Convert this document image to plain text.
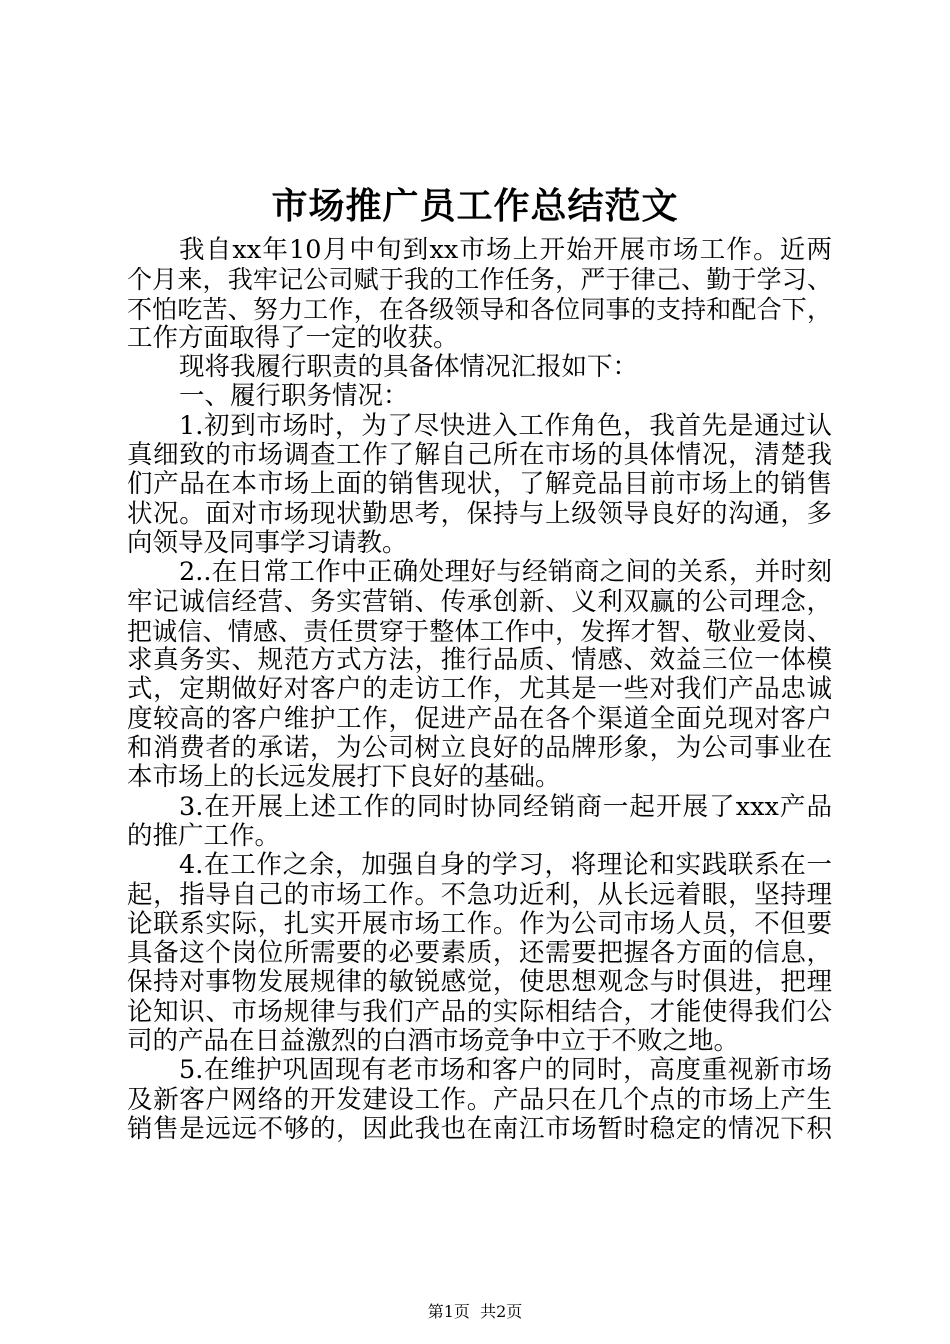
市场推广员工作总结范文
我自xx年10月中旬到xx市场上开始开展市场工作。近两
个月来，我牢记公司赋于我的工作任务，严于律己、勤于学习、
不怕吃苦、努力工作，在各级领导和各位同事的支持和配合下，
工作方面取得了一定的收获。
现将我履行职责的具备体情况汇报如下：
一、履行职务情况：
1.初到市场时，为了尽快进入工作角色，我首先是通过认
真细致的市场调查工作了解自己所在市场的具体情况，清楚我
们产品在本市场上面的销售现状，了解竞品目前市场上的销售
状况。面对市场现状勤思考，保持与上级领导良好的沟通，多
向领导及同事学习请教。
2..在日常工作中正确处理好与经销商之间的关系，并时刻
牢记诚信经营、务实营销、传承创新、义利双赢的公司理念，
把诚信、情感、责任贯穿于整体工作中，发挥才智、敬业爱岗、
求真务实、规范方式方法，推行品质、情感、效益三位一体模
式，定期做好对客户的走访工作，尤其是一些对我们产品忠诚
度较高的客户维护工作，促进产品在各个渠道全面兑现对客户
和消费者的承诺，为公司树立良好的品牌形象，为公司事业在
本市场上的长远发展打下良好的基础。
3.在开展上述工作的同时协同经销商一起开展了xxx产品
的推广工作。
4.在工作之余，加强自身的学习，将理论和实践联系在一
起，指导自己的市场工作。不急功近利，从长远着眼，坚持理
论联系实际，扎实开展市场工作。作为公司市场人员，不但要
具备这个岗位所需要的必要素质，还需要把握各方面的信息，
保持对事物发展规律的敏锐感觉，使思想观念与时俱进，把理
论知识、市场规律与我们产品的实际相结合，才能使得我们公
司的产品在日益激烈的白酒市场竞争中立于不败之地。
5.在维护巩固现有老市场和客户的同时，高度重视新市场
及新客户网络的开发建设工作。产品只在几个点的市场上产生
销售是远远不够的，因此我也在南江市场暂时稳定的情况下积
第1页 共2页
